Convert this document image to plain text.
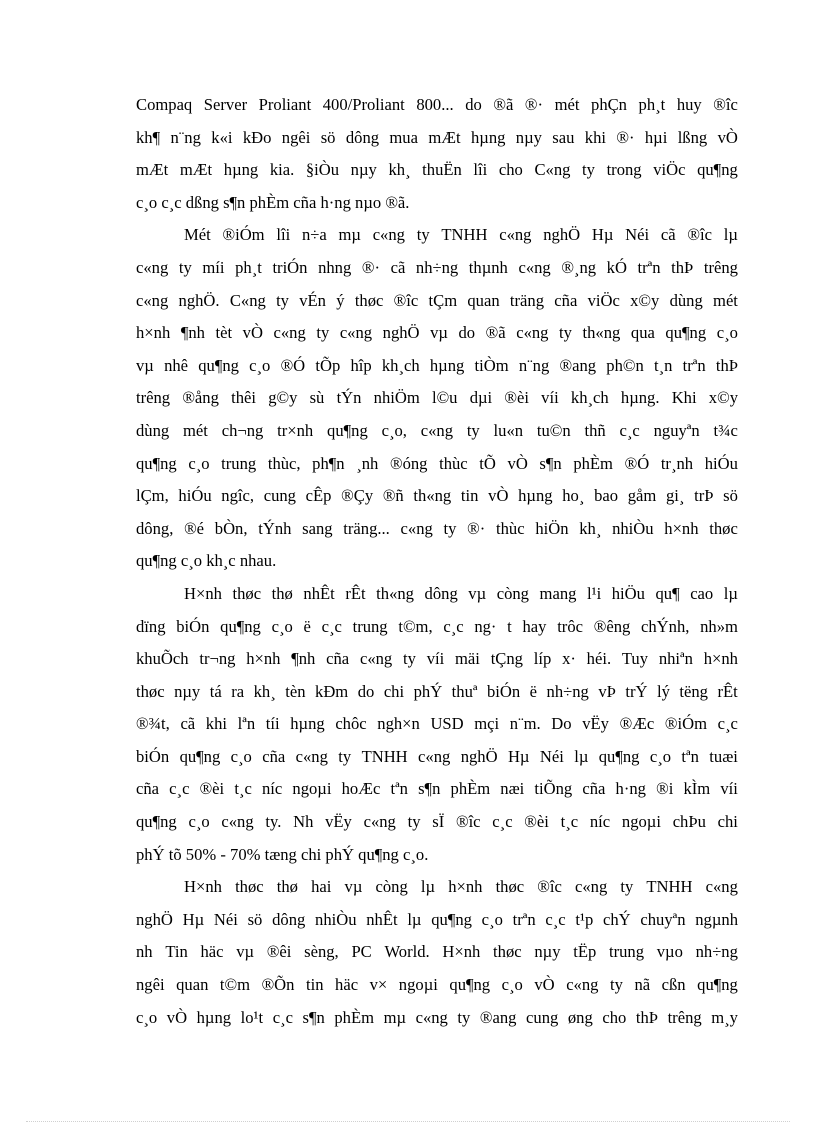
Compaq Server Proliant 400/Proliant 800... do ®ã ®· mét phÇn ph¸t huy ®îc
kh¶ n¨ng k«i kÐo ngêi sö dông mua mÆt hµng nµy sau khi ®· hµi lßng vÒ
mÆt mÆt hµng kia. §iÒu nµy kh¸ thuËn lîi cho C«ng ty trong viÖc qu¶ng
c¸o c¸c dßng s¶n phÈm cña h·ng nµo ®ã.
Mét ®iÓm lîi n÷a mµ c«ng ty TNHH c«ng nghÖ Hµ Néi cã ®îc lµ
c«ng ty míi ph¸t triÓn nhng ®· cã nh÷ng thµnh c«ng ®¸ng kÓ trªn thÞ trêng
c«ng nghÖ. C«ng ty vÉn ý thøc ®îc tÇm quan träng cña viÖc x©y dùng mét
h×nh ¶nh tèt vÒ c«ng ty c«ng nghÖ vµ do ®ã c«ng ty th«ng qua qu¶ng c¸o
vµ nhê qu¶ng c¸o ®Ó tÕp hîp kh¸ch hµng tiÒm n¨ng ®ang ph©n t¸n trªn thÞ
trêng ®ång thêi g©y sù tÝn nhiÖm l©u dµi ®èi víi kh¸ch hµng. Khi x©y
dùng mét ch¬ng tr×nh qu¶ng c¸o, c«ng ty lu«n tu©n thñ c¸c nguyªn t¾c
qu¶ng c¸o trung thùc, ph¶n ¸nh ®óng thùc tÕ vÒ s¶n phÈm ®Ó tr¸nh hiÓu
lÇm, hiÓu ngîc, cung cÊp ®Çy ®ñ th«ng tin vÒ hµng ho¸ bao gåm gi¸ trÞ sö
dông, ®é bÒn, tÝnh sang träng... c«ng ty ®· thùc hiÖn kh¸ nhiÒu h×nh thøc
qu¶ng c¸o kh¸c nhau.
H×nh thøc thø nhÊt rÊt th«ng dông vµ còng mang l¹i hiÖu qu¶ cao lµ
dïng biÓn qu¶ng c¸o ë c¸c trung t©m, c¸c ng· t hay trôc ®êng chÝnh, nh»m
khuÕch tr¬ng h×nh ¶nh cña c«ng ty víi mäi tÇng líp x· héi. Tuy nhiªn h×nh
thøc nµy tá ra kh¸ tèn kÐm do chi phÝ thuª biÓn ë nh÷ng vÞ trÝ lý tëng rÊt
®¾t, cã khi lªn tíi hµng chôc ngh×n USD mçi n¨m. Do vËy ®Æc ®iÓm c¸c
biÓn qu¶ng c¸o cña c«ng ty TNHH c«ng nghÖ Hµ Néi lµ qu¶ng c¸o tªn tuæi
cña c¸c ®èi t¸c níc ngoµi hoÆc tªn s¶n phÈm næi tiÕng cña h·ng ®i kÌm víi
qu¶ng c¸o c«ng ty. Nh vËy c«ng ty sÏ ®îc c¸c ®èi t¸c níc ngoµi chÞu chi
phÝ tõ 50% - 70% tæng chi phÝ qu¶ng c¸o.
H×nh thøc thø hai vµ còng lµ h×nh thøc ®îc c«ng ty TNHH c«ng
nghÖ Hµ Néi sö dông nhiÒu nhÊt lµ qu¶ng c¸o trªn c¸c t¹p chÝ chuyªn ngµnh
nh Tin häc vµ ®êi sèng, PC World. H×nh thøc nµy tËp trung vµo nh÷ng
ngêi quan t©m ®Õn tin häc v× ngoµi qu¶ng c¸o vÒ c«ng ty nã cßn qu¶ng
c¸o vÒ hµng lo¹t c¸c s¶n phÈm mµ c«ng ty ®ang cung øng cho thÞ trêng m¸y
